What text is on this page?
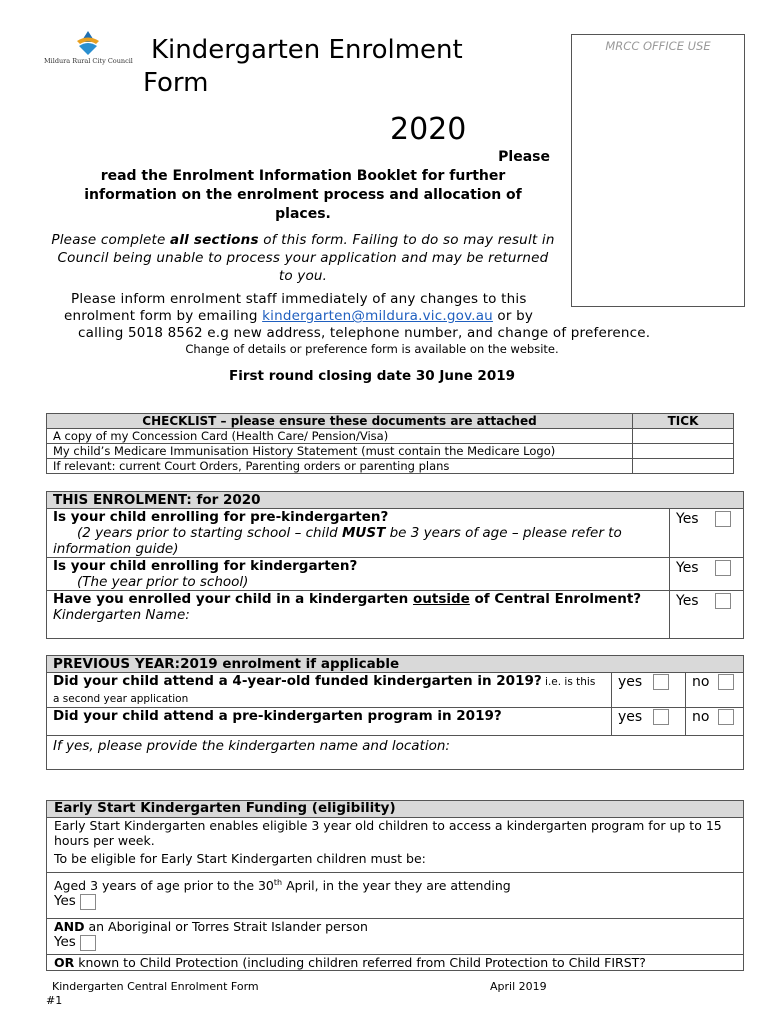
Mildura Rural City Council Kindergarten Enrolment
Form
2020
MRCC OFFICE USE
Please
read the Enrolment Information Booklet for further information on the enrolment process and allocation of places.
Please complete all sections of this form. Failing to do so may result in Council being unable to process your application and may be returned to you.
Please inform enrolment staff immediately of any changes to this
enrolment form by emailing kindergarten@mildura.vic.gov.au or by
calling 5018 8562 e.g new address, telephone number, and change of preference.
Change of details or preference form is available on the website.
First round closing date 30 June 2019
CHECKLIST – please ensure these documents are attached	TICK
A copy of my Concession Card (Health Care/ Pension/Visa)	
My child’s Medicare Immunisation History Statement (must contain the Medicare Logo)	
If relevant: current Court Orders, Parenting orders or parenting plans	
THIS ENROLMENT: for 2020	

Is your child enrolling for pre-kindergarten?
(2 years prior to starting school – child MUST be 3 years of age – please refer to information guide)	Yes

Is your child enrolling for kindergarten?
(The year prior to school)	Yes

Have you enrolled your child in a kindergarten outside of Central Enrolment?
Kindergarten Name:	Yes
PREVIOUS YEAR:2019 enrolment if applicable		
Did your child attend a 4-year-old funded kindergarten in 2019? i.e. is this a second year application	yes	no
Did your child attend a pre-kindergarten program in 2019?	yes	no
If yes, please provide the kindergarten name and location:		
Early Start Kindergarten Funding (eligibility)

Early Start Kindergarten enables eligible 3 year old children to access a kindergarten program for up to 15 hours per week.
To be eligible for Early Start Kindergarten children must be:

Aged 3 years of age prior to the 30th April, in the year they are attending
Yes

AND an Aboriginal or Torres Strait Islander person
Yes

OR known to Child Protection (including children referred from Child Protection to Child FIRST?
Kindergarten Central Enrolment Form
#1
April 2019
